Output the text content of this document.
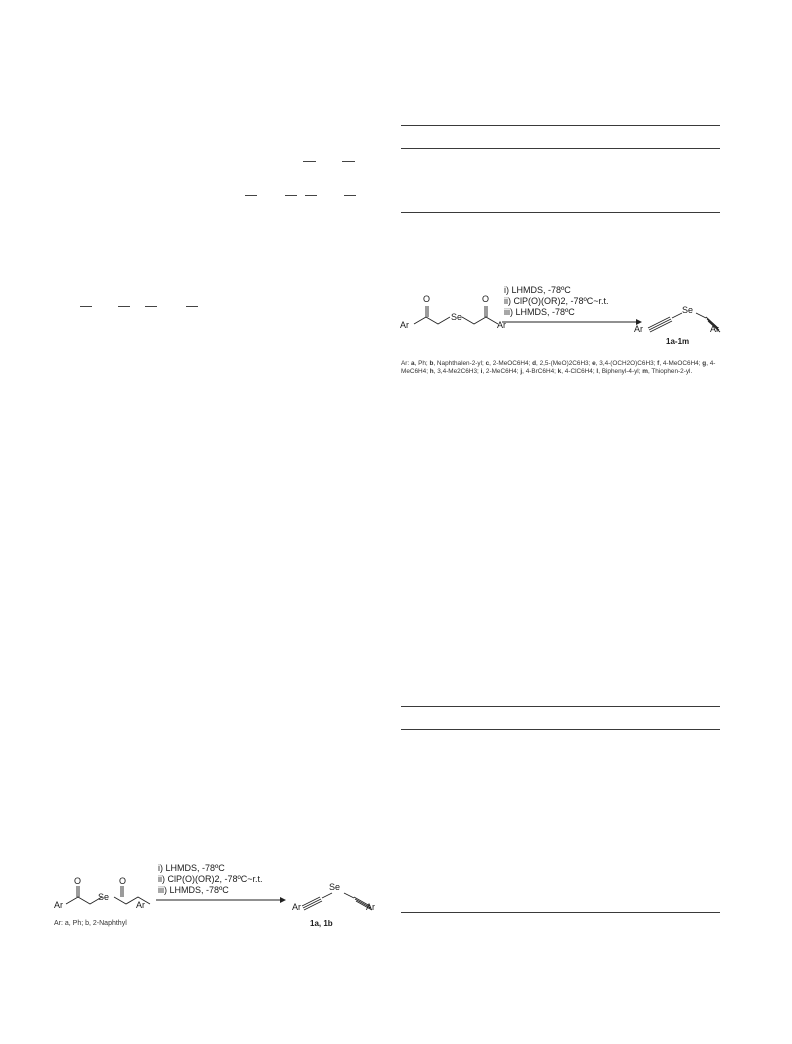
O	O
Ar
Se
Ar
i) LHMDS, -78ºC
ii) ClP(O)(OR)2, -78ºC~r.t.
iii) LHMDS, -78ºC
Ar
Se
Ar
1a-1m
Ar: a, Ph; b, Naphthalen-2-yl; c, 2-MeOC6H4; d, 2,5-(MeO)2C6H3; e, 3,4-(OCH2O)C6H3; f, 4-MeOC6H4; g, 4-MeC6H4; h, 3,4-Me2C6H3; i, 2-MeC6H4; j, 4-BrC6H4; k, 4-ClC6H4; l, Biphenyl-4-yl; m, Thiophen-2-yl.
O	O
Ar
Se
Ar
i) LHMDS, -78ºC
ii) ClP(O)(OR)2, -78ºC~r.t.
iii) LHMDS, -78ºC
Ar
Se
Ar
1a, 1b
Ar: a, Ph; b, 2-Naphthyl
